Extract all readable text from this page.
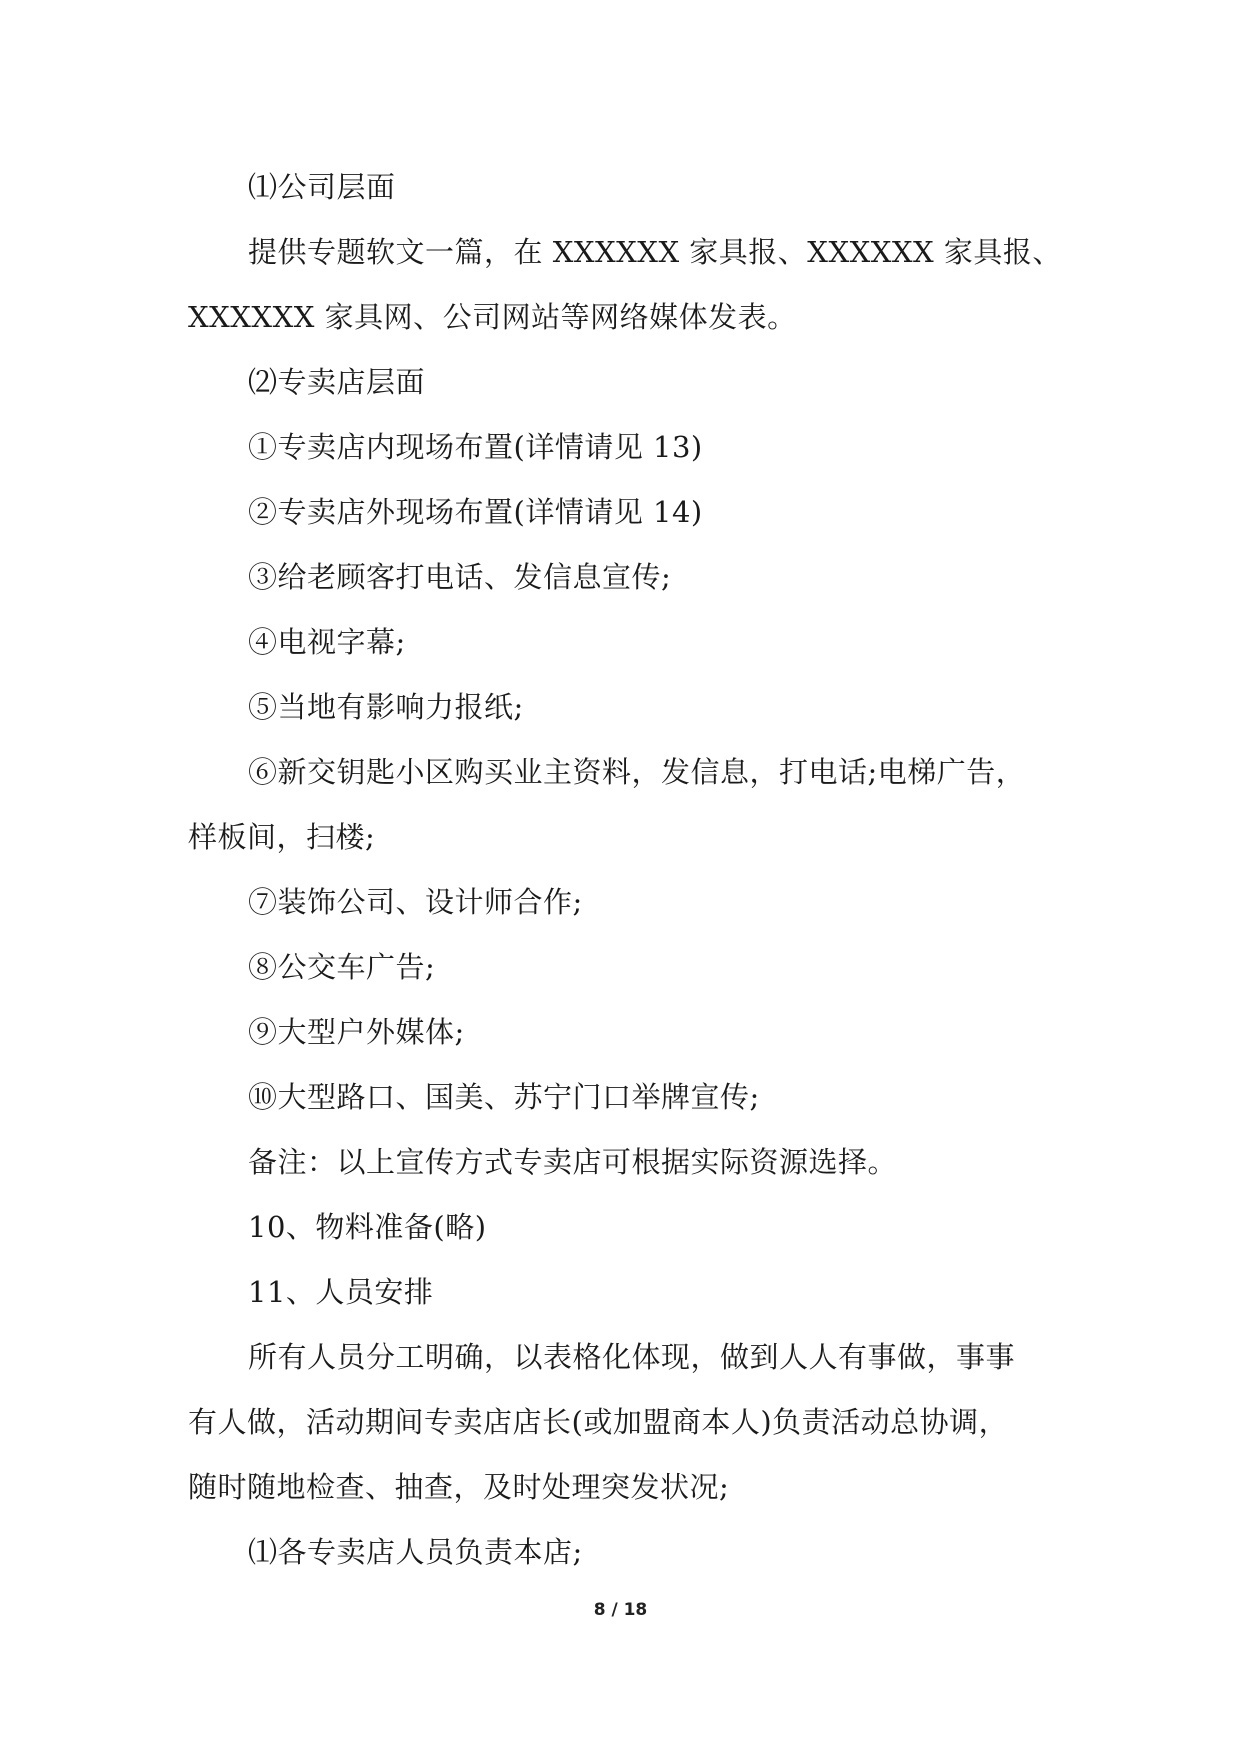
⑴公司层面
提供专题软文一篇，在 XXXXXX 家具报、XXXXXX 家具报、
XXXXXX 家具网、公司网站等网络媒体发表。
⑵专卖店层面
①专卖店内现场布置(详情请见 13)
②专卖店外现场布置(详情请见 14)
③给老顾客打电话、发信息宣传;
④电视字幕;
⑤当地有影响力报纸;
⑥新交钥匙小区购买业主资料，发信息，打电话;电梯广告，
样板间，扫楼;
⑦装饰公司、设计师合作;
⑧公交车广告;
⑨大型户外媒体;
⑩大型路口、国美、苏宁门口举牌宣传;
备注：以上宣传方式专卖店可根据实际资源选择。
10、物料准备(略)
11、人员安排
所有人员分工明确，以表格化体现，做到人人有事做，事事
有人做，活动期间专卖店店长(或加盟商本人)负责活动总协调，
随时随地检查、抽查，及时处理突发状况;
⑴各专卖店人员负责本店;
8 / 18
